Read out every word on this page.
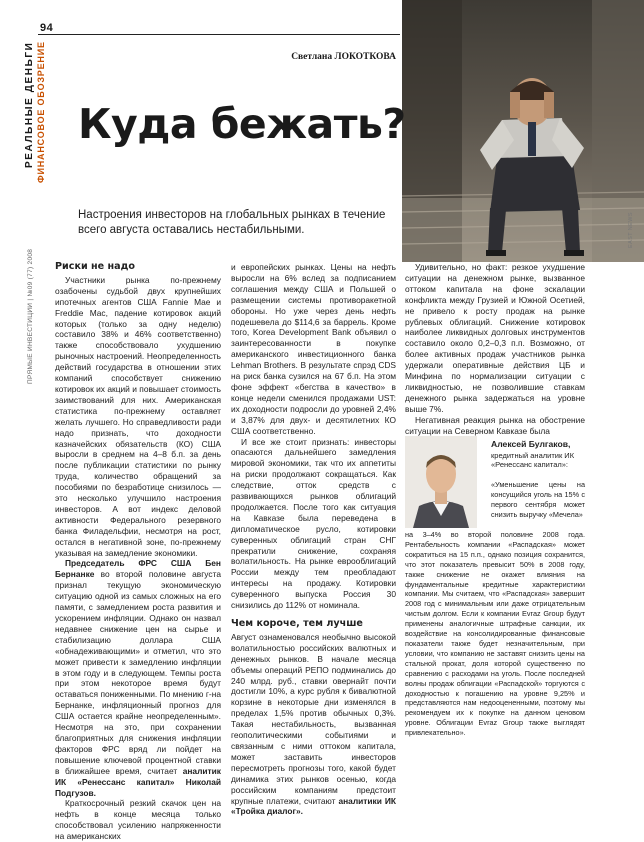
94
РЕАЛЬНЫЕ ДЕНЬГИ ФИНАНСОВОЕ ОБОЗРЕНИЕ
ПРЯМЫЕ ИНВЕСТИЦИИ | №09 (77) 2008
EAST NEWS
Светлана ЛОКОТКОВА
Куда бежать?
Настроения инвесторов на глобальных рынках в течение всего августа оставались нестабильными.
Риски не надо

Участники рынка по-прежнему озабочены судьбой двух крупнейших ипотечных агентов США Fannie Mae и Freddie Mac, падение котировок акций которых (только за одну неделю) составило 38% и 46% соответственно) также способствовало ухудшению рыночных настроений. Неопределенность действий государства в отношении этих компаний способствует снижению котировок их акций и повышает стоимость заимствований для них. Американская статистика по-прежнему оставляет желать лучшего. Но справедливости ради надо признать, что доходности казначейских обязательств (КО) США выросли в среднем на 4–8 б.п. за день после публикации статистики по рынку труда, количество обращений за пособиями по безработице снизилось — это несколько улучшило настроения инвесторов. А вот индекс деловой активности Федерального резервного банка Филадельфии, несмотря на рост, остался в негативной зоне, по-прежнему указывая на замедление экономики.

Председатель ФРС США Бен Бернанке во второй половине августа признал текущую экономическую ситуацию одной из самых сложных на его памяти, с замедлением роста развития и ускорением инфляции. Однако он назвал недавнее снижение цен на сырье и стабилизацию доллара США «обнадеживающими» и отметил, что это может привести к замедлению инфляции в этом году и в следующем. Темпы роста при этом некоторое время будут оставаться пониженными. По мнению г-на Бернанке, инфляционный прогноз для США остается крайне неопределенным». Несмотря на это, при сохранении благоприятных для снижения инфляции факторов ФРС вряд ли пойдет на повышение ключевой процентной ставки в ближайшее время, считает аналитик ИК «Ренессанс капитал» Николай Подгузов.

Краткосрочный резкий скачок цен на нефть в конце месяца только способствовал усилению напряженности на американских

и европейских рынках. Цены на нефть выросли на 6% вслед за подписанием соглашения между США и Польшей о размещении системы противоракетной обороны. Но уже через день нефть подешевела до $114,6 за баррель. Кроме того, Korea Development Bank объявил о заинтересованности в покупке американского инвестиционного банка Lehman Brothers. В результате спрэд CDS на риск банка сузился на 67 б.п. На этом фоне эффект «бегства в качество» в конце недели сменился продажами UST: их доходности подросли до уровней 2,4% и 3,87% для двух- и десятилетних КО США соответственно.

И все же стоит признать: инвесторы опасаются дальнейшего замедления мировой экономики, так что их аппетиты на риски продолжают сокращаться. Как следствие, отток средств с развивающихся рынков облигаций продолжается. После того как ситуация на Кавказе была переведена в дипломатическое русло, котировки суверенных облигаций стран СНГ прекратили снижение, сохраняя волатильность. На рынке еврооблигаций России между тем преобладают интересы на продажу. Котировки суверенного выпуска Россия 30 снизились до 112% от номинала.

Чем короче, тем лучше

Август ознаменовался необычно высокой волатильностью российских валютных и денежных рынков. В начале месяца объемы операций РЕПО подминались до 240 млрд. руб., ставки овернайт почти достигли 10%, а курс рубля к бивалютной корзине в некоторые дни изменялся в пределах 1,5% против обычных 0,3%. Такая нестабильность, вызванная геополитическими событиями и связанным с ними оттоком капитала, может заставить инвесторов пересмотреть прогнозы того, какой будет динамика этих рынков осенью, когда российским компаниям предстоит крупные платежи, считают аналитики ИК «Тройка диалог».

Удивительно, но факт: резкое ухудшение ситуации на денежном рынке, вызванное оттоком капитала на фоне эскалации конфликта между Грузией и Южной Осетией, не привело к росту продаж на рынке рублевых облигаций. Снижение котировок наиболее ликвидных долговых инструментов составило около 0,2–0,3 п.п. Возможно, от более активных продаж участников рынка удержали оперативные действия ЦБ и Минфина по нормализации ситуации с ликвидностью, не позволившие ставкам денежного рынка задержаться на уровне выше 7%.

Негативная реакция рынка на обострение ситуации на Северном Кавказе была

Алексей Булгаков,
кредитный аналитик ИК «Ренессанс капитал»:
«Уменьшение цены на консущийся уголь на 15% с первого сентября может снизить выручку «Мечела»
на 3–4% во второй половине 2008 года. Рентабельность компании «Распадская» может сократиться на 15 п.п., однако позиция сохранится, что этот показатель превысит 50% в 2008 году, также снижение не окажет влияния на фундаментальные кредитные характеристики компании. Мы считаем, что «Распадская» завершит 2008 год с минимальным или даже отрицательным чистым долгом. Если к компании Evraz Group будут применены аналогичные штрафные санкции, их воздействие на консолидированные финансовые показатели также будет незначительным, при условии, что компанию не заставят снизить цены на стальной прокат, доля которой существенно по сравнению с расходами на уголь. После последней волны продаж облигации «Распадской» торгуются с доходностью к погашению на уровне 9,25% и представляются нам недооцененными, поэтому мы рекомендуем их к покупке на данном ценовом уровне. Облигации Evraz Group также выглядят привлекательно».
